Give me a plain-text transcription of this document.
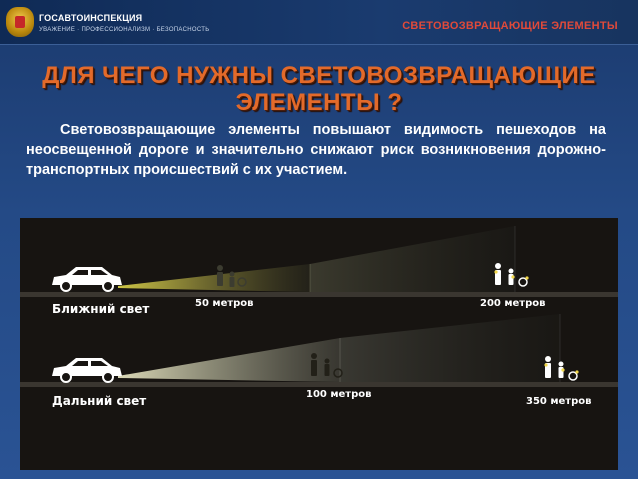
ГОСАВТОИНСПЕКЦИЯ
УВАЖЕНИЕ · ПРОФЕССИОНАЛИЗМ · БЕЗОПАСНОСТЬ	СВЕТОВОЗВРАЩАЮЩИЕ ЭЛЕМЕНТЫ
ДЛЯ ЧЕГО НУЖНЫ СВЕТОВОЗВРАЩАЮЩИЕ
ЭЛЕМЕНТЫ ?
Световозвращающие элементы повышают видимость пешеходов на неосвещенной дороге и значительно снижают риск возникновения дорожно-транспортных происшествий с их участием.
Ближний свет	50 метров	200 метров
Дальний свет	100 метров
350 метров
